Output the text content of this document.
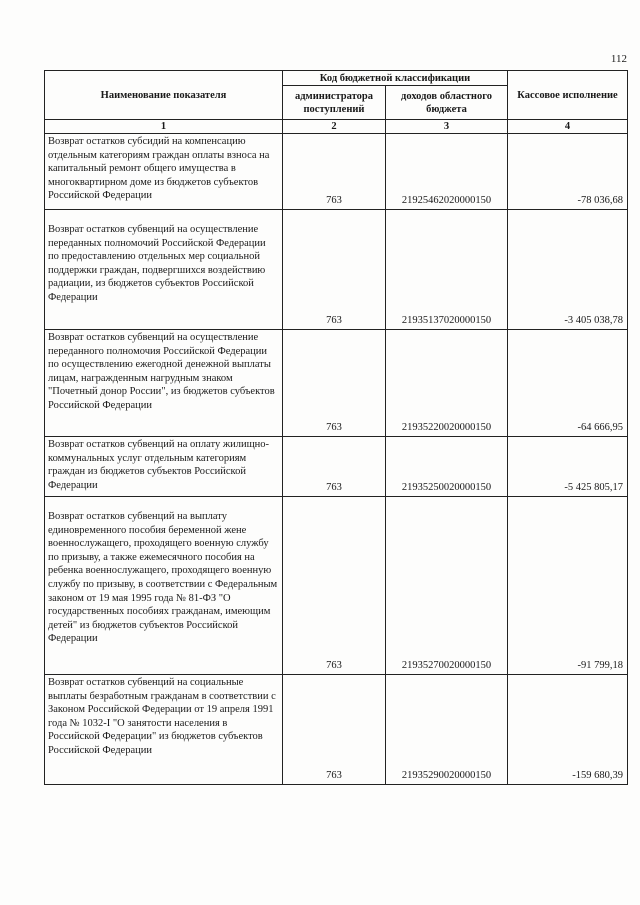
112
Наименование показателя	Код бюджетной классификации		Кассовое исполнение
	администратора поступлений	доходов областного бюджета	
1	2	3	4
Возврат остатков субсидий на компенсацию отдельным категориям граждан оплаты взноса на капитальный ремонт общего имущества в многоквартирном доме из бюджетов субъектов Российской Федерации	763	21925462020000150	-78 036,68
Возврат остатков субвенций на осуществление переданных полномочий Российской Федерации по предоставлению отдельных мер социальной поддержки граждан, подвергшихся воздействию радиации, из бюджетов субъектов Российской Федерации	763	21935137020000150	-3 405 038,78
Возврат остатков субвенций на осуществление переданного полномочия Российской Федерации по осуществлению ежегодной денежной выплаты лицам, награжденным нагрудным знаком "Почетный донор России", из бюджетов субъектов Российской Федерации	763	21935220020000150	-64 666,95
Возврат остатков субвенций на оплату жилищно-коммунальных услуг отдельным категориям граждан из бюджетов субъектов Российской Федерации	763	21935250020000150	-5 425 805,17
Возврат остатков субвенций на выплату единовременного пособия беременной жене военнослужащего, проходящего военную службу по призыву, а также ежемесячного пособия на ребенка военнослужащего, проходящего военную службу по призыву, в соответствии с Федеральным законом от 19 мая 1995 года № 81-ФЗ "О государственных пособиях гражданам, имеющим детей" из бюджетов субъектов Российской Федерации	763	21935270020000150	-91 799,18
Возврат остатков субвенций на социальные выплаты безработным гражданам в соответствии с Законом Российской Федерации от 19 апреля 1991 года № 1032-I "О занятости населения в Российской Федерации" из бюджетов субъектов Российской Федерации	763	21935290020000150	-159 680,39
